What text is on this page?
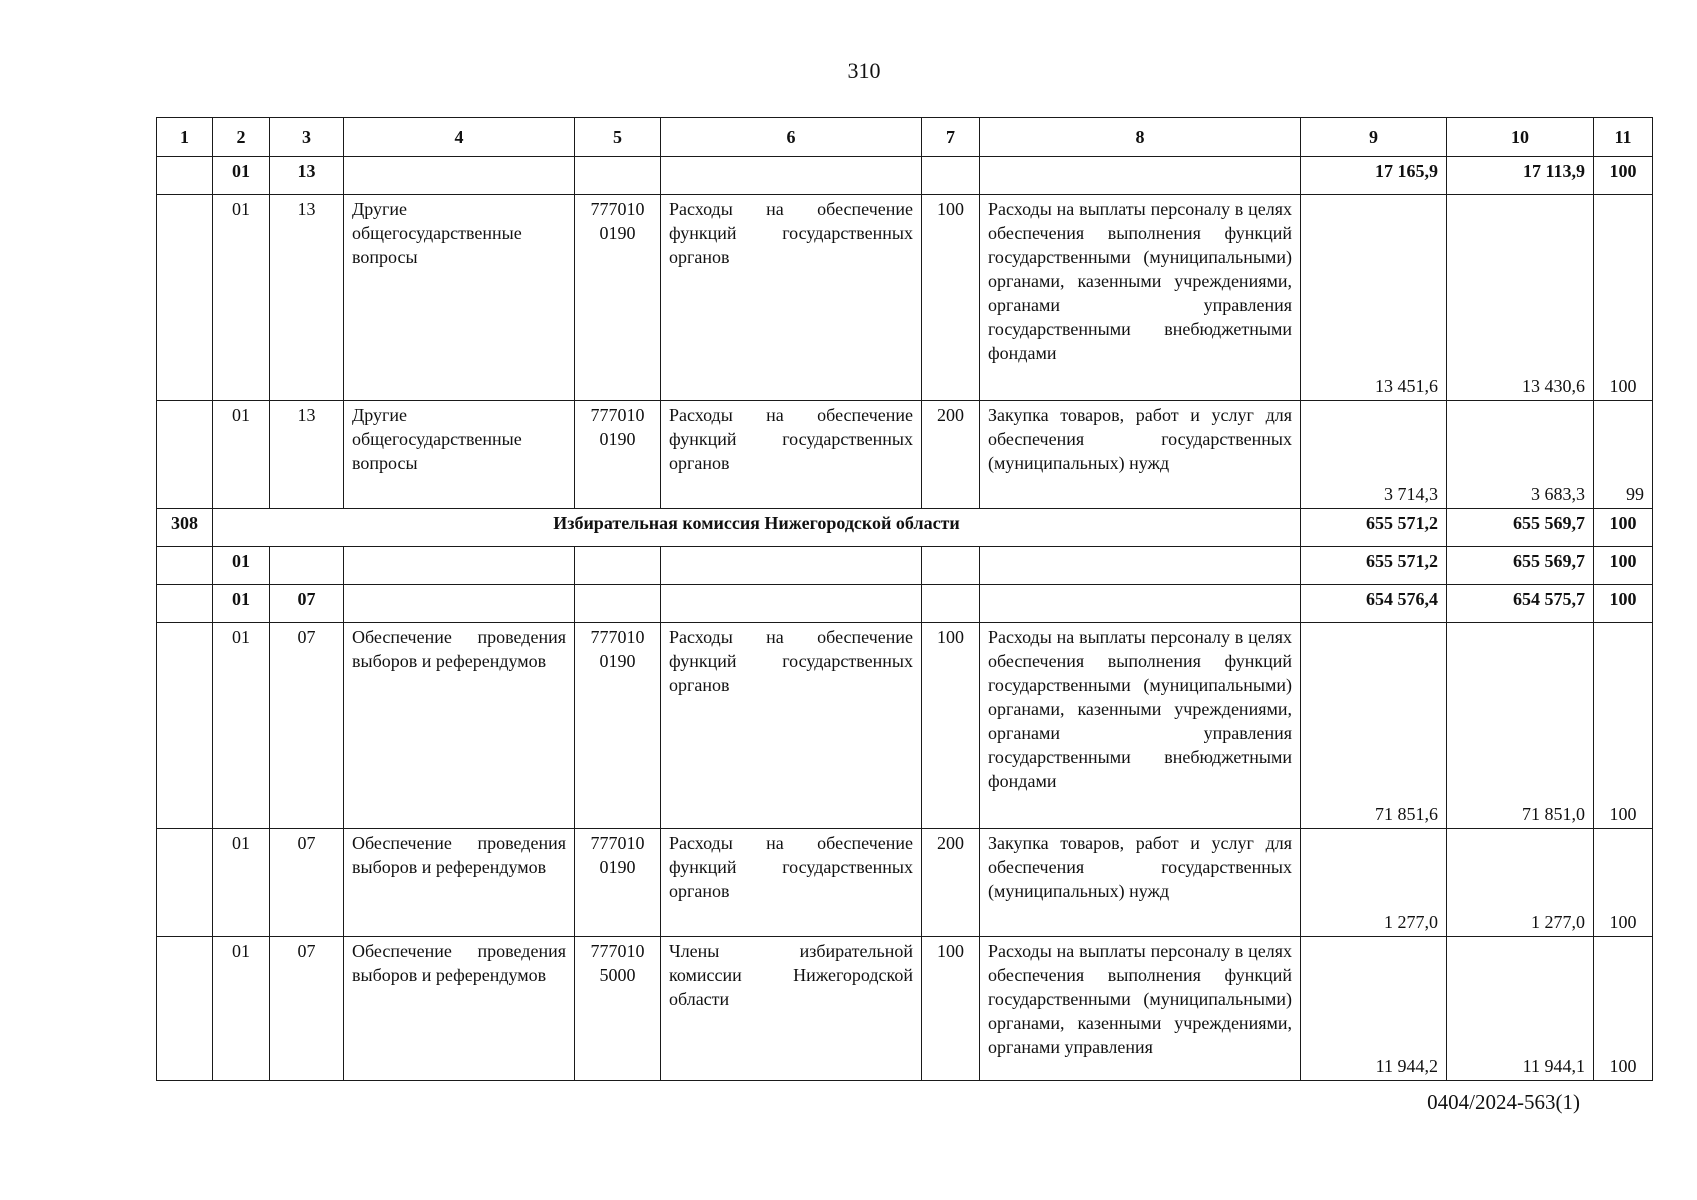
310
1	2	3	4	5	6	7	8	9	10	11
	01	13						17 165,9	17 113,9	100
	01	13	Другие общегосударственные вопросы	777010 0190	Расходы на обеспечение функций государственных органов	100	Расходы на выплаты персоналу в целях обеспечения выполнения функций государственными (муниципальными) органами, казенными учреждениями, органами управления государственными внебюджетными фондами	13 451,6	13 430,6	100
	01	13	Другие общегосударственные вопросы	777010 0190	Расходы на обеспечение функций государственных органов	200	Закупка товаров, работ и услуг для обеспечения государственных (муниципальных) нужд	3 714,3	3 683,3	99
308	Избирательная комиссия Нижегородской области							655 571,2	655 569,7	100
	01							655 571,2	655 569,7	100
	01	07						654 576,4	654 575,7	100
	01	07	Обеспечение проведения выборов и референдумов	777010 0190	Расходы на обеспечение функций государственных органов	100	Расходы на выплаты персоналу в целях обеспечения выполнения функций государственными (муниципальными) органами, казенными учреждениями, органами управления государственными внебюджетными фондами	71 851,6	71 851,0	100
	01	07	Обеспечение проведения выборов и референдумов	777010 0190	Расходы на обеспечение функций государственных органов	200	Закупка товаров, работ и услуг для обеспечения государственных (муниципальных) нужд	1 277,0	1 277,0	100
	01	07	Обеспечение проведения выборов и референдумов	777010 5000	Члены избирательной комиссии Нижегородской области	100	Расходы на выплаты персоналу в целях обеспечения выполнения функций государственными (муниципальными) органами, казенными учреждениями, органами управления	11 944,2	11 944,1	100
0404/2024-563(1)
